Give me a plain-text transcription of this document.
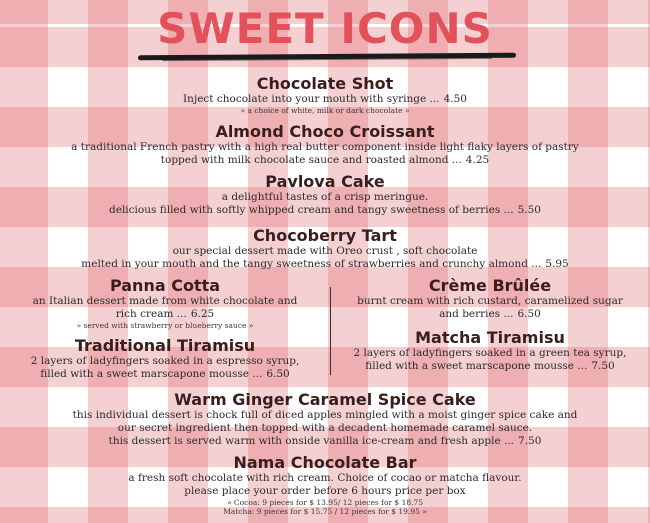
SWEET ICONS
Chocolate Shot
Inject chocolate into your mouth with syringe ... 4.50
» a choice of white, milk or dark chocolate »
Almond Choco Croissant
a traditional French pastry with a high real butter component inside light flaky layers of pastry
topped with milk chocolate sauce and roasted almond ... 4.25
Pavlova Cake
a delightful tastes of a crisp meringue.
delicious filled with softly whipped cream and tangy sweetness of berries ... 5.50
Chocoberry Tart
our special dessert made with Oreo crust , soft chocolate
melted in your mouth and the tangy sweetness of strawberries and crunchy almond ... 5.95
Panna Cotta
an Italian dessert made from white chocolate and
rich cream ... 6.25
» served with strawberry or blueberry sauce »
Crème Brûlée
burnt cream with rich custard, caramelized sugar
and berries ... 6.50
Traditional Tiramisu
2 layers of ladyfingers soaked in a espresso syrup,
filled with a sweet marscapone mousse ... 6.50
Matcha Tiramisu
2 layers of ladyfingers soaked in a green tea syrup,
filled with a sweet marscapone mousse ... 7.50
Warm Ginger Caramel Spice Cake
this individual dessert is chock full of diced apples mingled with a moist ginger spice cake and
our secret ingredient then topped with a decadent homemade caramel sauce.
this dessert is served warm with onside vanilla ice-cream and fresh apple ... 7.50
Nama Chocolate Bar
a fresh soft chocolate with rich cream. Choice of cocao or matcha flavour.
please place your order before 6 hours price per box
» Cocoa: 9 pieces for $ 13.95/ 12 pieces for $ 18.75
Matcha: 9 pieces for $ 15.75 / 12 pieces for $ 19.95 »
